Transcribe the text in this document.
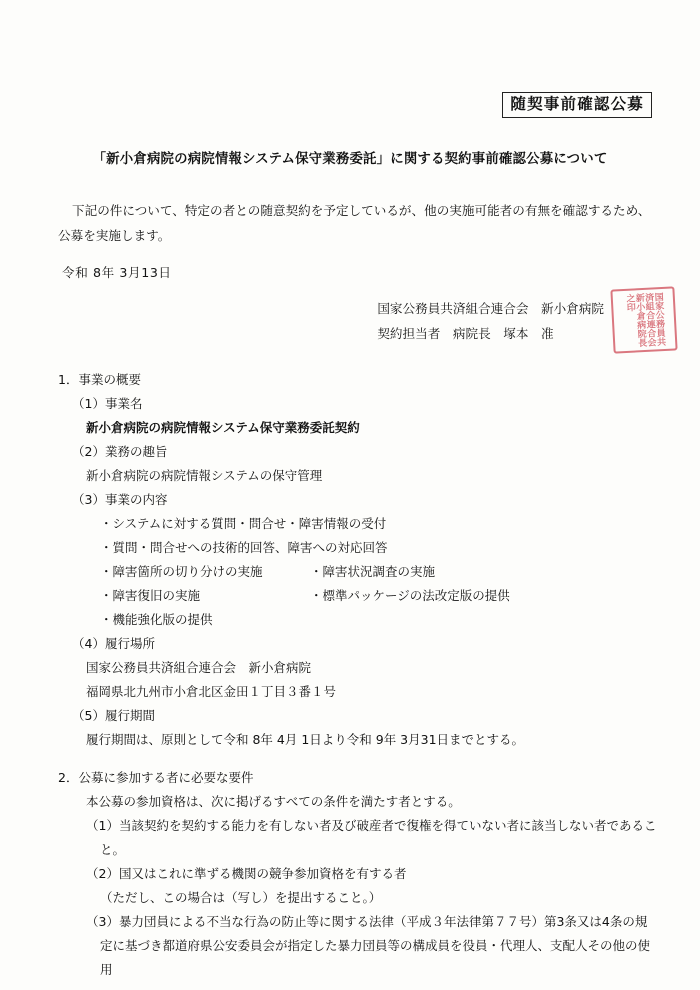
随契事前確認公募
「新小倉病院の病院情報システム保守業務委託」に関する契約事前確認公募について
下記の件について、特定の者との随意契約を予定しているが、他の実施可能者の有無を確認するため、
公募を実施します。
令和 8年 3月13日
国家公務員共済組合連合会　新小倉病院
契約担当者　病院長　塚本　准	国家公務員共済組合連合会新小倉病院長之印
1．事業の概要
（1）事業名
新小倉病院の病院情報システム保守業務委託契約
（2）業務の趣旨
新小倉病院の病院情報システムの保守管理
（3）事業の内容
・システムに対する質問・問合せ・障害情報の受付
・質問・問合せへの技術的回答、障害への対応回答
・障害箇所の切り分けの実施	・障害状況調査の実施
・障害復旧の実施	・標準パッケージの法改定版の提供
・機能強化版の提供
（4）履行場所
国家公務員共済組合連合会　新小倉病院
福岡県北九州市小倉北区金田１丁目３番１号
（5）履行期間
履行期間は、原則として令和 8年 4月 1日より令和 9年 3月31日までとする。
2．公募に参加する者に必要な要件
本公募の参加資格は、次に掲げるすべての条件を満たす者とする。
（1）当該契約を契約する能力を有しない者及び破産者で復権を得ていない者に該当しない者であるこ
と。
（2）国又はこれに準ずる機関の競争参加資格を有する者
（ただし、この場合は（写し）を提出すること。）
（3）暴力団員による不当な行為の防止等に関する法律（平成３年法律第７７号）第3条又は4条の規
定に基づき都道府県公安委員会が指定した暴力団員等の構成員を役員・代理人、支配人その他の使用
